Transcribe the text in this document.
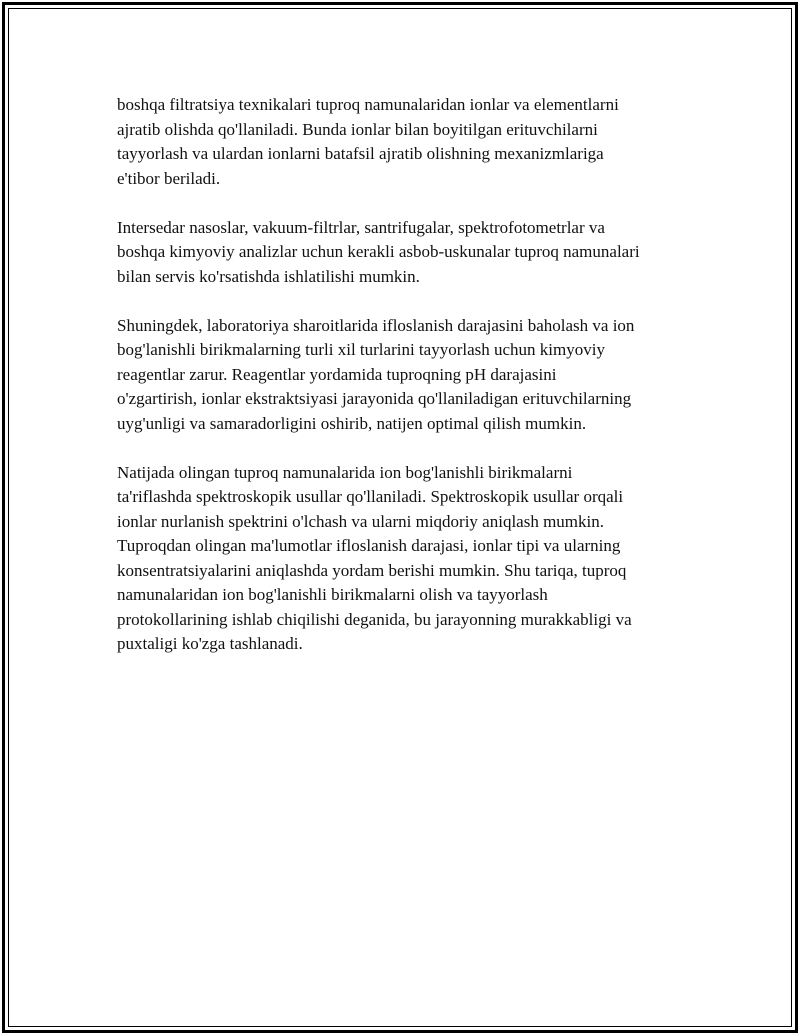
boshqa filtratsiya texnikalari tuproq namunalaridan ionlar va elementlarni
ajratib olishda qo'llaniladi. Bunda ionlar bilan boyitilgan erituvchilarni
tayyorlash va ulardan ionlarni batafsil ajratib olishning mexanizmlariga
e'tibor beriladi.

Intersedar nasoslar, vakuum-filtrlar, santrifugalar, spektrofotometrlar va
boshqa kimyoviy analizlar uchun kerakli asbob-uskunalar tuproq namunalari
bilan servis ko'rsatishda ishlatilishi mumkin.

Shuningdek, laboratoriya sharoitlarida ifloslanish darajasini baholash va ion
bog'lanishli birikmalarning turli xil turlarini tayyorlash uchun kimyoviy
reagentlar zarur. Reagentlar yordamida tuproqning pH darajasini
o'zgartirish, ionlar ekstraktsiyasi jarayonida qo'llaniladigan erituvchilarning
uyg'unligi va samaradorligini oshirib, natijen optimal qilish mumkin.

Natijada olingan tuproq namunalarida ion bog'lanishli birikmalarni
ta'riflashda spektroskopik usullar qo'llaniladi. Spektroskopik usullar orqali
ionlar nurlanish spektrini o'lchash va ularni miqdoriy aniqlash mumkin.
Tuproqdan olingan ma'lumotlar ifloslanish darajasi, ionlar tipi va ularning
konsentratsiyalarini aniqlashda yordam berishi mumkin. Shu tariqa, tuproq
namunalaridan ion bog'lanishli birikmalarni olish va tayyorlash
protokollarining ishlab chiqilishi deganida, bu jarayonning murakkabligi va
puxtaligi ko'zga tashlanadi.
